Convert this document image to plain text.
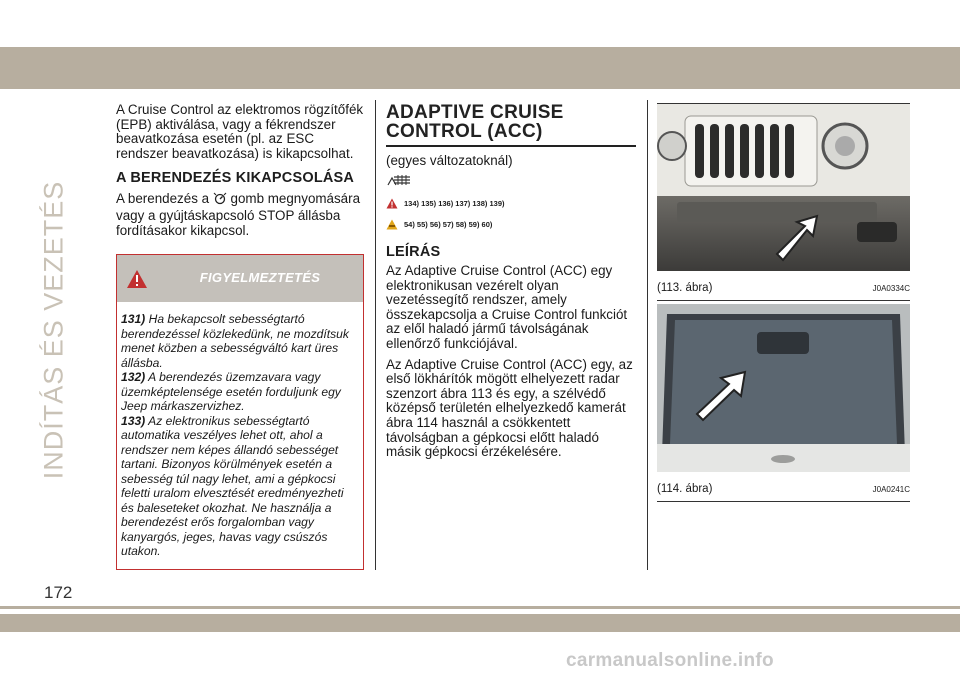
INDÍTÁS ÉS VEZETÉS

A Cruise Control az elektromos rögzítőfék (EPB) aktiválása, vagy a fékrendszer beavatkozása esetén (pl. az ESC rendszer beavatkozása) is kikapcsolhat.

A BERENDEZÉS KIKAPCSOLÁSA

A berendezés a gomb megnyomására vagy a gyújtáskapcsoló STOP állásba fordításakor kikapcsol.

FIGYELMEZTETÉS

131) Ha bekapcsolt sebességtartó berendezéssel közlekedünk, ne mozdítsuk menet közben a sebességváltó kart üres állásba.

132) A berendezés üzemzavara vagy üzemképtelensége esetén forduljunk egy Jeep márkaszervizhez.

133) Az elektronikus sebességtartó automatika veszélyes lehet ott, ahol a rendszer nem képes állandó sebességet tartani. Bizonyos körülmények esetén a sebesség túl nagy lehet, ami a gépkocsi feletti uralom elvesztését eredményezheti és baleseteket okozhat. Ne használja a berendezést erős forgalomban vagy kanyargós, jeges, havas vagy csúszós utakon.

ADAPTIVE CRUISE
CONTROL (ACC)
(egyes változatoknál)
134) 135) 136) 137) 138) 139)
54) 55) 56) 57) 58) 59) 60)
LEÍRÁS

Az Adaptive Cruise Control (ACC) egy elektronikusan vezérelt olyan vezetéssegítő rendszer, amely összekapcsolja a Cruise Control funkciót az elől haladó jármű távolságának ellenőrző funkciójával.

Az Adaptive Cruise Control (ACC) egy, az első lökhárítók mögött elhelyezett radar szenzort ábra 113 és egy, a szélvédő középső területén elhelyezkedő kamerát ábra 114 használ a csökkentett távolságban a gépkocsi előtt haladó másik gépkocsi érzékelésére.

(113. ábra)	J0A0334C
(114. ábra)	J0A0241C
172
carmanualsonline.info
